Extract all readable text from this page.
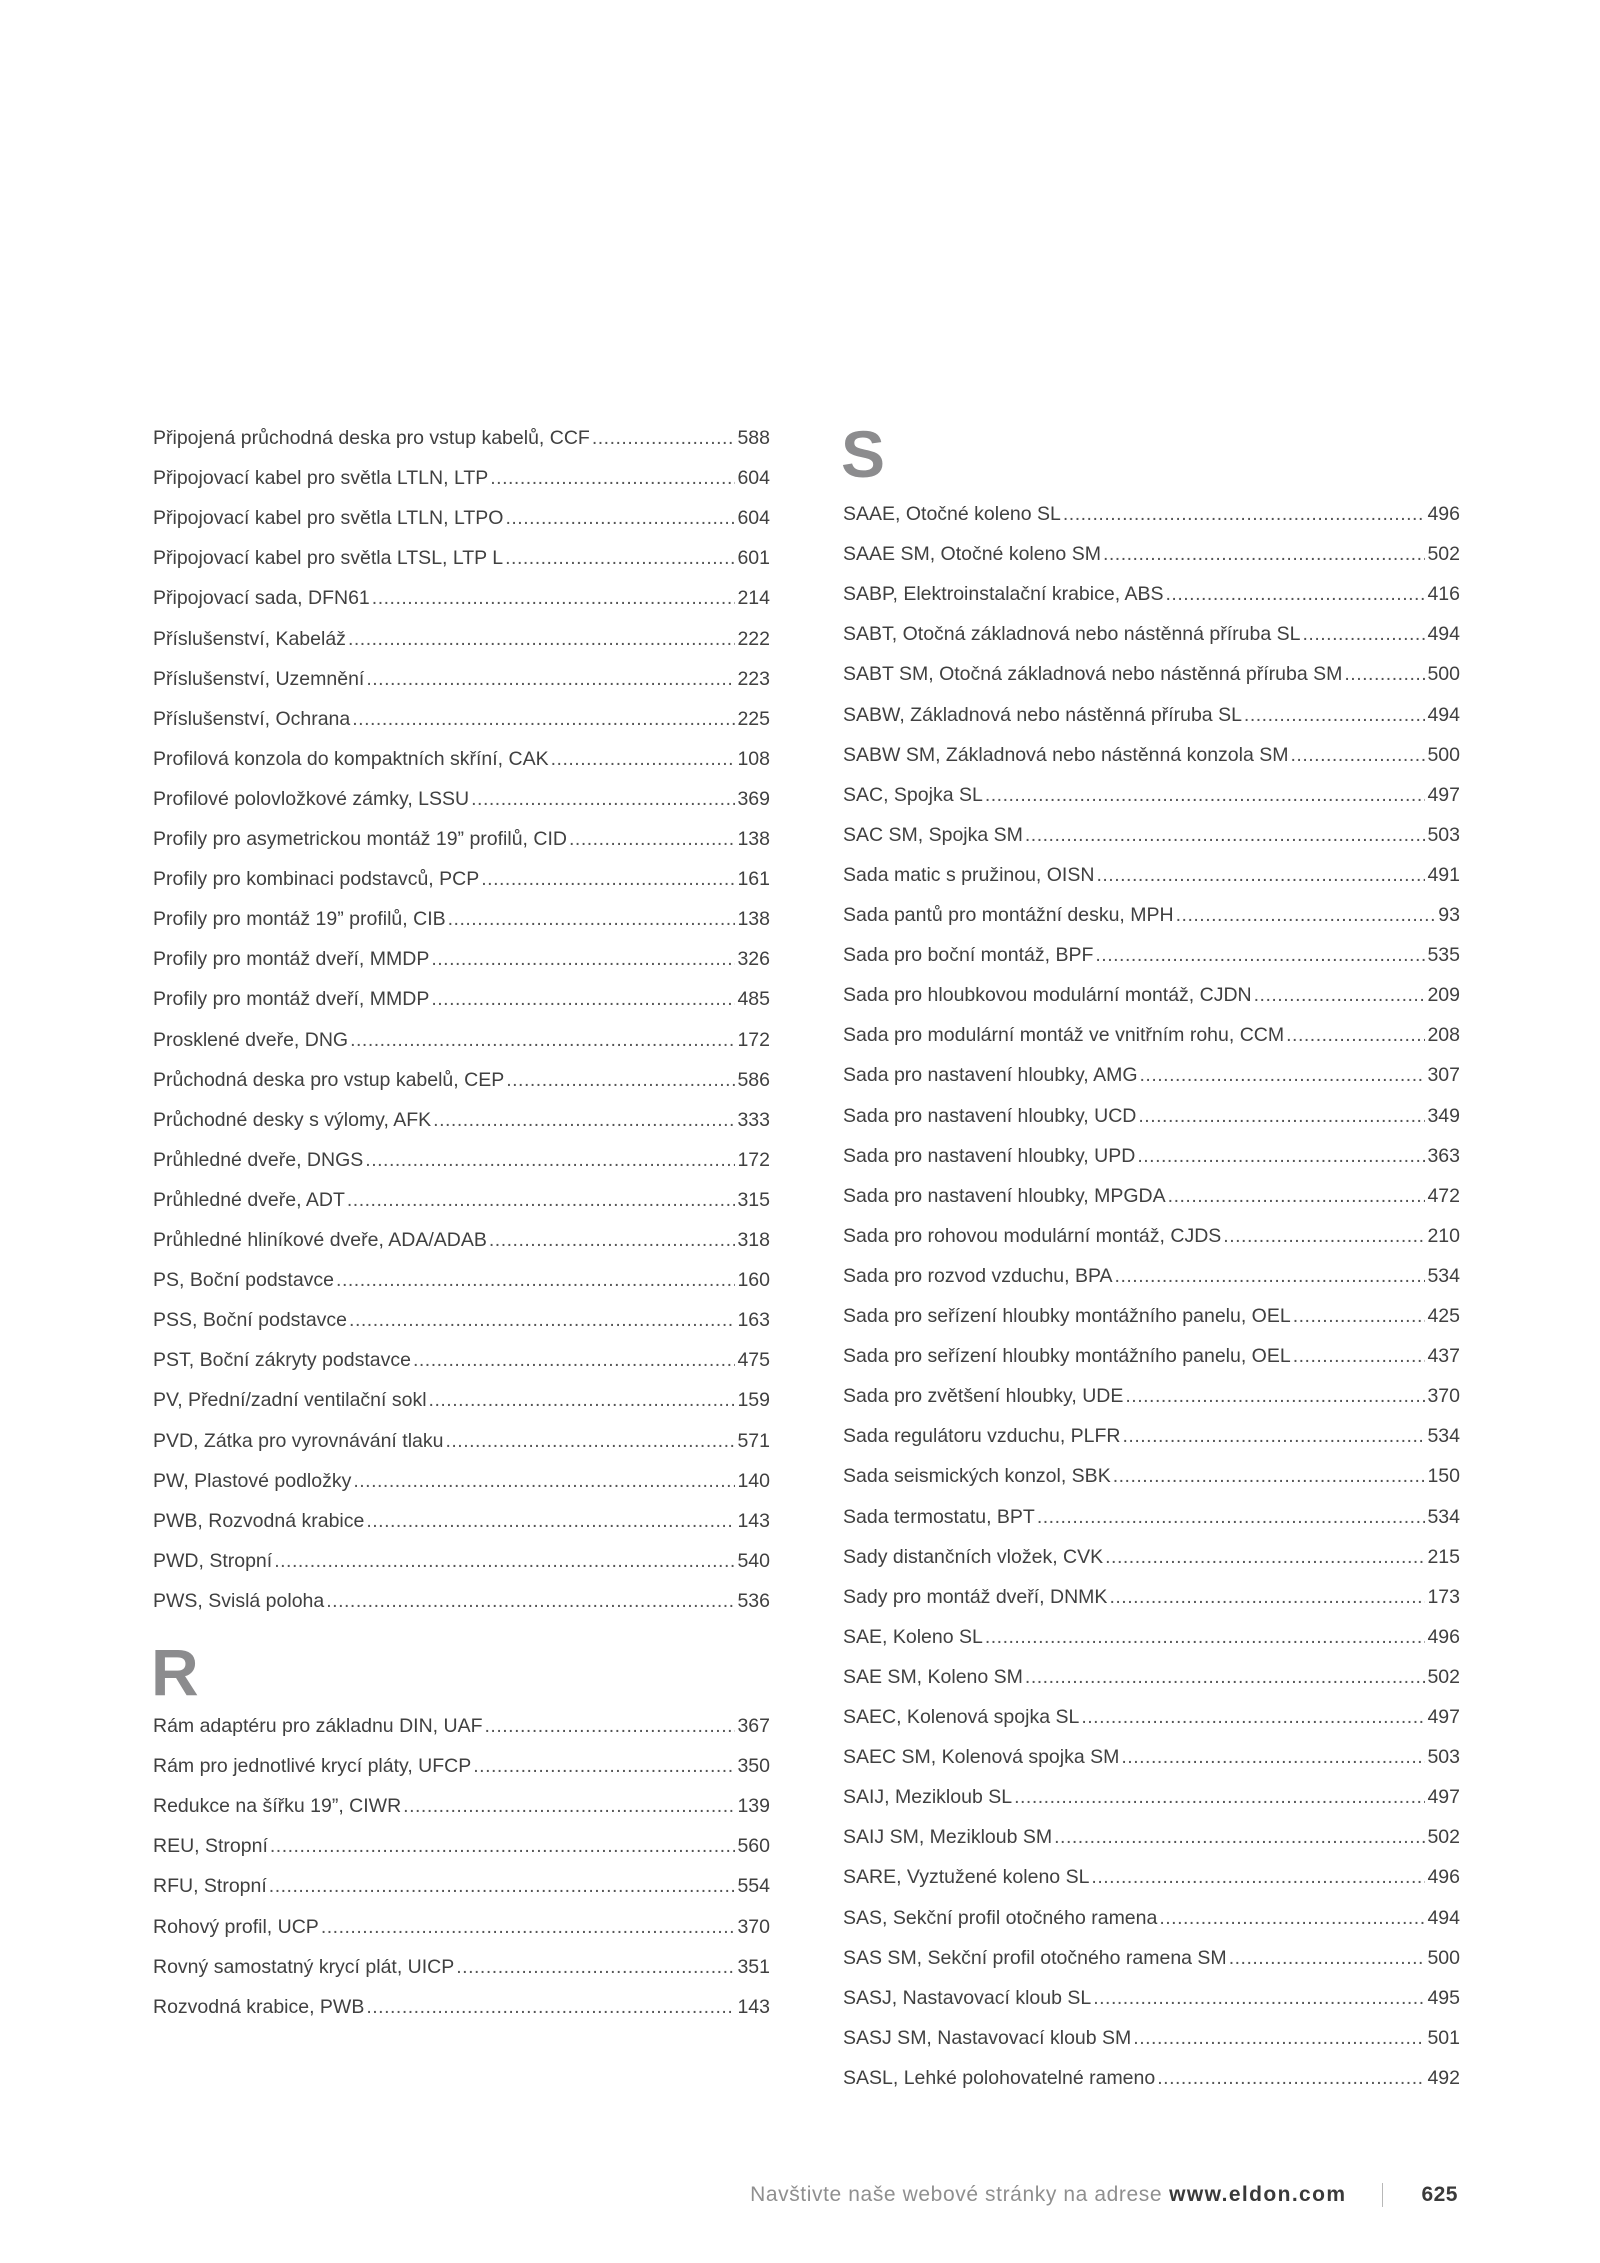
Připojená průchodná deska pro vstup kabelů, CCF .....	588
Připojovací kabel pro světla LTLN, LTP .....	604
Připojovací kabel pro světla LTLN, LTPO .....	604
Připojovací kabel pro světla LTSL, LTP L .....	601
Připojovací sada, DFN61 .....	214
Příslušenství, Kabeláž .....	222
Příslušenství, Uzemnění .....	223
Příslušenství, Ochrana .....	225
Profilová konzola do kompaktních skříní, CAK .....	108
Profilové polovložkové zámky, LSSU .....	369
Profily pro asymetrickou montáž 19” profilů, CID .....	138
Profily pro kombinaci podstavců, PCP .....	161
Profily pro montáž 19” profilů, CIB .....	138
Profily pro montáž dveří, MMDP .....	326
Profily pro montáž dveří, MMDP .....	485
Prosklené dveře, DNG .....	172
Průchodná deska pro vstup kabelů, CEP .....	586
Průchodné desky s výlomy, AFK .....	333
Průhledné dveře, DNGS .....	172
Průhledné dveře, ADT .....	315
Průhledné hliníkové dveře, ADA/ADAB .....	318
PS, Boční podstavce .....	160
PSS, Boční podstavce .....	163
PST, Boční zákryty podstavce .....	475
PV, Přední/zadní ventilační sokl .....	159
PVD, Zátka pro vyrovnávání tlaku .....	571
PW, Plastové podložky .....	140
PWB, Rozvodná krabice .....	143
PWD, Stropní .....	540
PWS, Svislá poloha .....	536
R
Rám adaptéru pro základnu DIN, UAF .....	367
Rám pro jednotlivé krycí pláty, UFCP .....	350
Redukce na šířku 19”, CIWR .....	139
REU, Stropní .....	560
RFU, Stropní .....	554
Rohový profil, UCP .....	370
Rovný samostatný krycí plát, UICP .....	351
Rozvodná krabice, PWB .....	143
S
SAAE, Otočné koleno SL .....	496
SAAE SM, Otočné koleno SM .....	502
SABP, Elektroinstalační krabice, ABS .....	416
SABT, Otočná základnová nebo nástěnná příruba SL .....	494
SABT SM, Otočná základnová nebo nástěnná příruba SM .....	500
SABW, Základnová nebo nástěnná příruba SL .....	494
SABW SM, Základnová nebo nástěnná konzola SM .....	500
SAC, Spojka SL .....	497
SAC SM, Spojka SM .....	503
Sada matic s pružinou, OISN .....	491
Sada pantů pro montážní desku, MPH .....	93
Sada pro boční montáž, BPF .....	535
Sada pro hloubkovou modulární montáž, CJDN .....	209
Sada pro modulární montáž ve vnitřním rohu, CCM .....	208
Sada pro nastavení hloubky, AMG .....	307
Sada pro nastavení hloubky, UCD .....	349
Sada pro nastavení hloubky, UPD .....	363
Sada pro nastavení hloubky, MPGDA .....	472
Sada pro rohovou modulární montáž, CJDS .....	210
Sada pro rozvod vzduchu, BPA .....	534
Sada pro seřízení hloubky montážního panelu, OEL .....	425
Sada pro seřízení hloubky montážního panelu, OEL .....	437
Sada pro zvětšení hloubky, UDE .....	370
Sada regulátoru vzduchu, PLFR .....	534
Sada seismických konzol, SBK .....	150
Sada termostatu, BPT .....	534
Sady distančních vložek, CVK .....	215
Sady pro montáž dveří, DNMK .....	173
SAE, Koleno SL .....	496
SAE SM, Koleno SM .....	502
SAEC, Kolenová spojka SL .....	497
SAEC SM, Kolenová spojka SM .....	503
SAIJ, Mezikloub SL .....	497
SAIJ SM, Mezikloub SM .....	502
SARE, Vyztužené koleno SL .....	496
SAS, Sekční profil otočného ramena .....	494
SAS SM, Sekční profil otočného ramena SM .....	500
SASJ, Nastavovací kloub SL .....	495
SASJ SM, Nastavovací kloub SM .....	501
SASL, Lehké polohovatelné rameno .....	492
Navštivte naše webové stránky na adrese www.eldon.com	625
